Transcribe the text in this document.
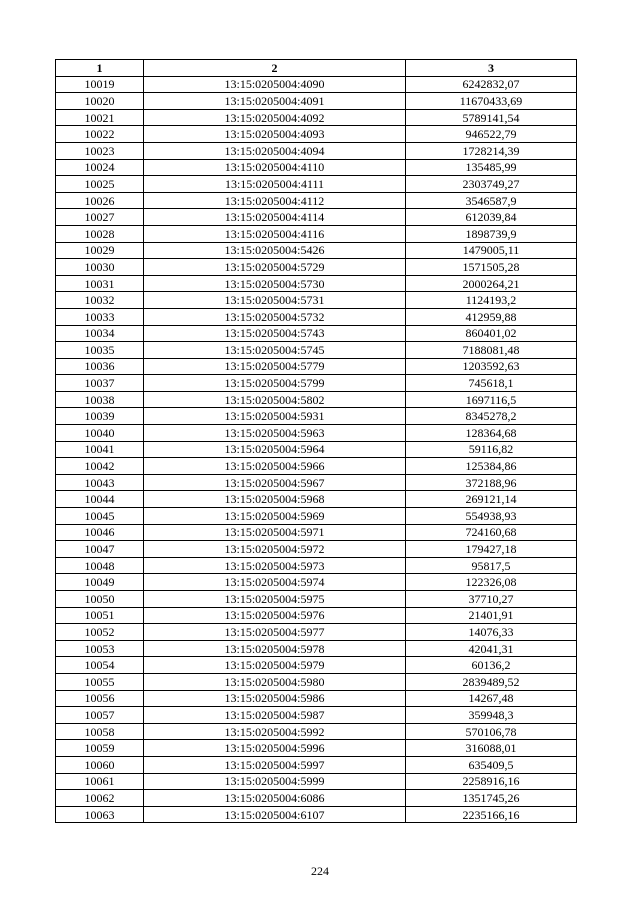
1	2	3
10019	13:15:0205004:4090	6242832,07
10020	13:15:0205004:4091	11670433,69
10021	13:15:0205004:4092	5789141,54
10022	13:15:0205004:4093	946522,79
10023	13:15:0205004:4094	1728214,39
10024	13:15:0205004:4110	135485,99
10025	13:15:0205004:4111	2303749,27
10026	13:15:0205004:4112	3546587,9
10027	13:15:0205004:4114	612039,84
10028	13:15:0205004:4116	1898739,9
10029	13:15:0205004:5426	1479005,11
10030	13:15:0205004:5729	1571505,28
10031	13:15:0205004:5730	2000264,21
10032	13:15:0205004:5731	1124193,2
10033	13:15:0205004:5732	412959,88
10034	13:15:0205004:5743	860401,02
10035	13:15:0205004:5745	7188081,48
10036	13:15:0205004:5779	1203592,63
10037	13:15:0205004:5799	745618,1
10038	13:15:0205004:5802	1697116,5
10039	13:15:0205004:5931	8345278,2
10040	13:15:0205004:5963	128364,68
10041	13:15:0205004:5964	59116,82
10042	13:15:0205004:5966	125384,86
10043	13:15:0205004:5967	372188,96
10044	13:15:0205004:5968	269121,14
10045	13:15:0205004:5969	554938,93
10046	13:15:0205004:5971	724160,68
10047	13:15:0205004:5972	179427,18
10048	13:15:0205004:5973	95817,5
10049	13:15:0205004:5974	122326,08
10050	13:15:0205004:5975	37710,27
10051	13:15:0205004:5976	21401,91
10052	13:15:0205004:5977	14076,33
10053	13:15:0205004:5978	42041,31
10054	13:15:0205004:5979	60136,2
10055	13:15:0205004:5980	2839489,52
10056	13:15:0205004:5986	14267,48
10057	13:15:0205004:5987	359948,3
10058	13:15:0205004:5992	570106,78
10059	13:15:0205004:5996	316088,01
10060	13:15:0205004:5997	635409,5
10061	13:15:0205004:5999	2258916,16
10062	13:15:0205004:6086	1351745,26
10063	13:15:0205004:6107	2235166,16
224
